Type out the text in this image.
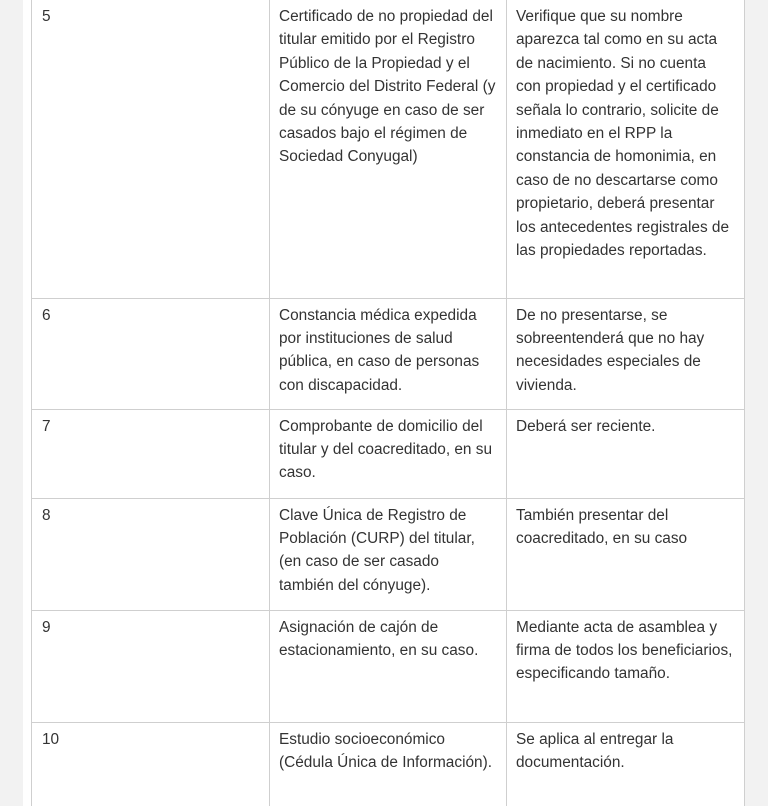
5	Certificado de no propiedad del titular emitido por el Registro Público de la Propiedad y el Comercio del Distrito Federal (y de su cónyuge en caso de ser casados bajo el régimen de Sociedad Conyugal)	Verifique que su nombre aparezca tal como en su acta de nacimiento. Si no cuenta con propiedad y el certificado señala lo contrario, solicite de inmediato en el RPP la constancia de homonimia, en caso de no descartarse como propietario, deberá presentar los antecedentes registrales de las propiedades reportadas.
6	Constancia médica expedida por instituciones de salud pública, en caso de personas con discapacidad.	De no presentarse, se sobreentenderá que no hay necesidades especiales de vivienda.
7	Comprobante de domicilio del titular y del coacreditado, en su caso.	Deberá ser reciente.
8	Clave Única de Registro de Población (CURP) del titular, (en caso de ser casado también del cónyuge).	También presentar del coacreditado, en su caso
9	Asignación de cajón de estacionamiento, en su caso.	Mediante acta de asamblea y firma de todos los beneficiarios, especificando tamaño.
10	Estudio socioeconómico (Cédula Única de Información).	Se aplica al entregar la documentación.
